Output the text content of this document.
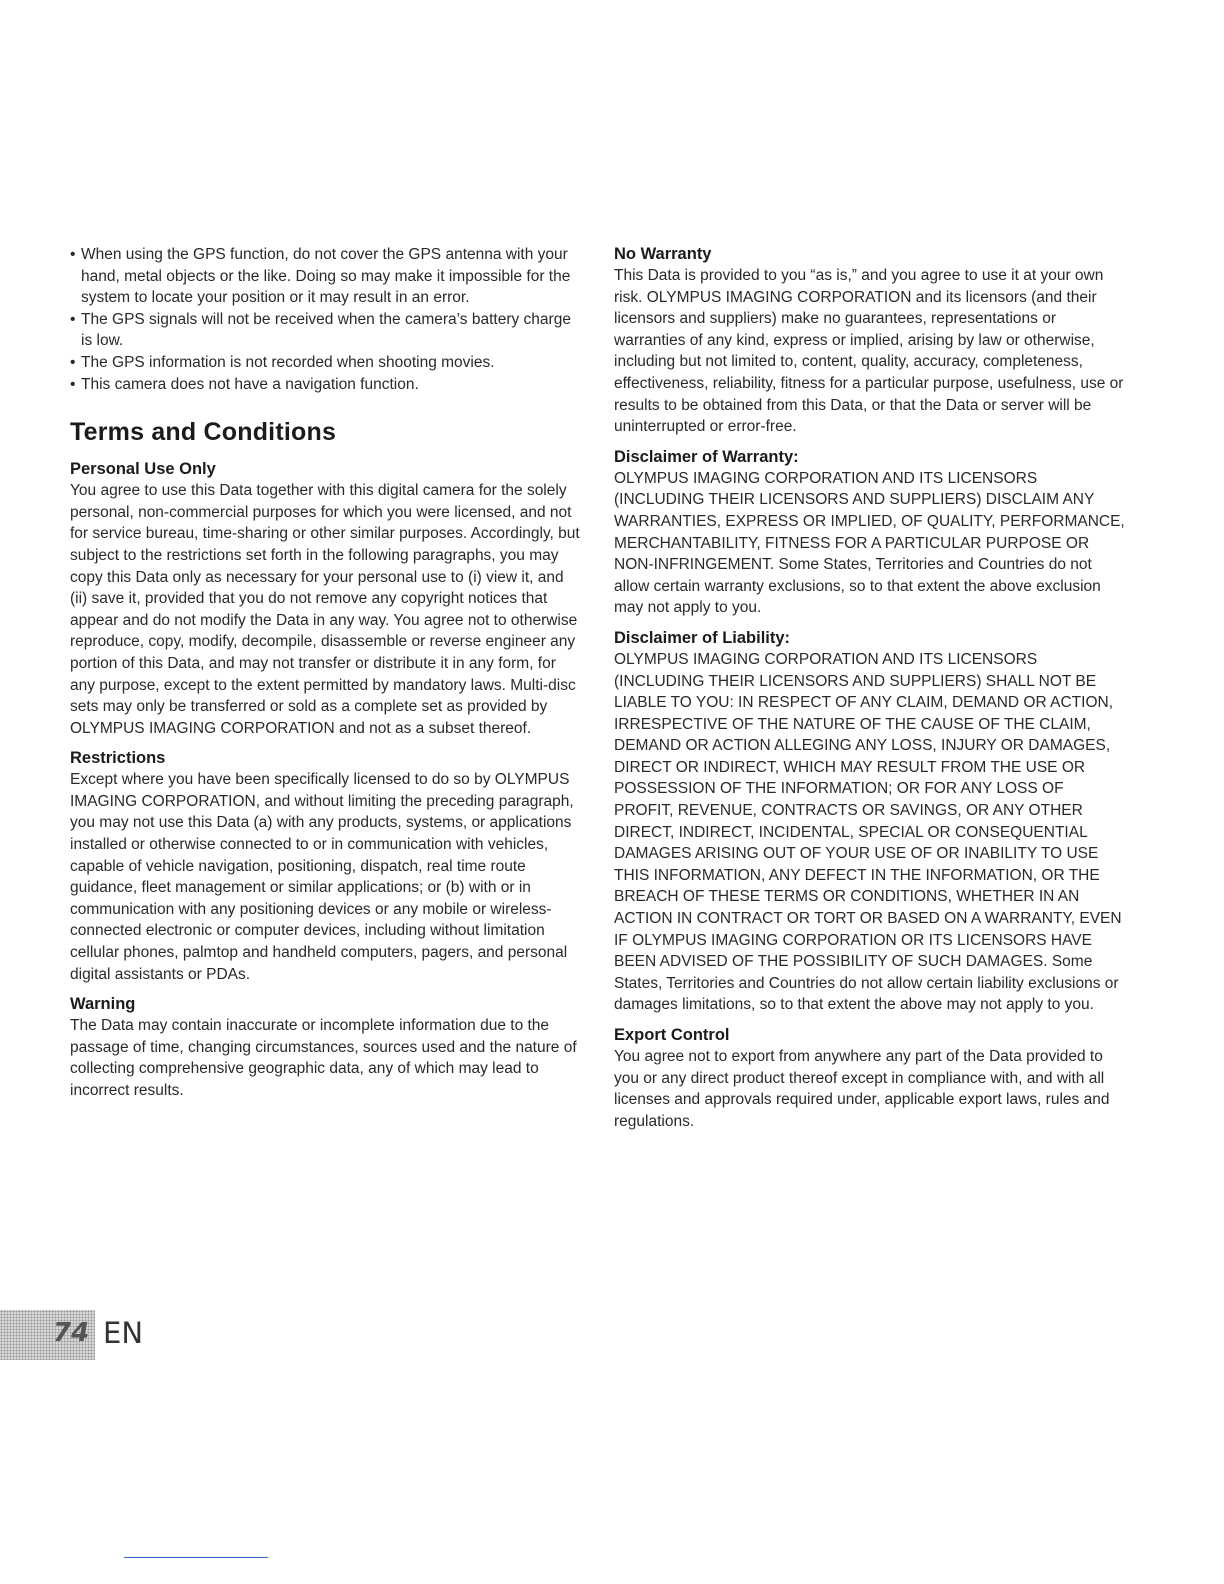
• When using the GPS function, do not cover the GPS antenna with your hand, metal objects or the like. Doing so may make it impossible for the system to locate your position or it may result in an error.
• The GPS signals will not be received when the camera’s battery charge is low.
• The GPS information is not recorded when shooting movies.
• This camera does not have a navigation function.
Terms and Conditions
Personal Use Only

You agree to use this Data together with this digital camera for the solely personal, non-commercial purposes for which you were licensed, and not for service bureau, time-sharing or other similar purposes. Accordingly, but subject to the restrictions set forth in the following paragraphs, you may copy this Data only as necessary for your personal use to (i) view it, and (ii) save it, provided that you do not remove any copyright notices that appear and do not modify the Data in any way. You agree not to otherwise reproduce, copy, modify, decompile, disassemble or reverse engineer any portion of this Data, and may not transfer or distribute it in any form, for any purpose, except to the extent permitted by mandatory laws. Multi-disc sets may only be transferred or sold as a complete set as provided by OLYMPUS IMAGING CORPORATION and not as a subset thereof.

Restrictions

Except where you have been specifically licensed to do so by OLYMPUS IMAGING CORPORATION, and without limiting the preceding paragraph, you may not use this Data (a) with any products, systems, or applications installed or otherwise connected to or in communication with vehicles, capable of vehicle navigation, positioning, dispatch, real time route guidance, fleet management or similar applications; or (b) with or in communication with any positioning devices or any mobile or wireless-connected electronic or computer devices, including without limitation cellular phones, palmtop and handheld computers, pagers, and personal digital assistants or PDAs.

Warning

The Data may contain inaccurate or incomplete information due to the passage of time, changing circumstances, sources used and the nature of collecting comprehensive geographic data, any of which may lead to incorrect results.

No Warranty

This Data is provided to you “as is,” and you agree to use it at your own risk. OLYMPUS IMAGING CORPORATION and its licensors (and their licensors and suppliers) make no guarantees, representations or warranties of any kind, express or implied, arising by law or otherwise, including but not limited to, content, quality, accuracy, completeness, effectiveness, reliability, fitness for a particular purpose, usefulness, use or results to be obtained from this Data, or that the Data or server will be uninterrupted or error-free.

Disclaimer of Warranty:

OLYMPUS IMAGING CORPORATION AND ITS LICENSORS (INCLUDING THEIR LICENSORS AND SUPPLIERS) DISCLAIM ANY WARRANTIES, EXPRESS OR IMPLIED, OF QUALITY, PERFORMANCE, MERCHANTABILITY, FITNESS FOR A PARTICULAR PURPOSE OR NON-INFRINGEMENT. Some States, Territories and Countries do not allow certain warranty exclusions, so to that extent the above exclusion may not apply to you.

Disclaimer of Liability:

OLYMPUS IMAGING CORPORATION AND ITS LICENSORS (INCLUDING THEIR LICENSORS AND SUPPLIERS) SHALL NOT BE LIABLE TO YOU: IN RESPECT OF ANY CLAIM, DEMAND OR ACTION, IRRESPECTIVE OF THE NATURE OF THE CAUSE OF THE CLAIM, DEMAND OR ACTION ALLEGING ANY LOSS, INJURY OR DAMAGES, DIRECT OR INDIRECT, WHICH MAY RESULT FROM THE USE OR POSSESSION OF THE INFORMATION; OR FOR ANY LOSS OF PROFIT, REVENUE, CONTRACTS OR SAVINGS, OR ANY OTHER DIRECT, INDIRECT, INCIDENTAL, SPECIAL OR CONSEQUENTIAL DAMAGES ARISING OUT OF YOUR USE OF OR INABILITY TO USE THIS INFORMATION, ANY DEFECT IN THE INFORMATION, OR THE BREACH OF THESE TERMS OR CONDITIONS, WHETHER IN AN ACTION IN CONTRACT OR TORT OR BASED ON A WARRANTY, EVEN IF OLYMPUS IMAGING CORPORATION OR ITS LICENSORS HAVE BEEN ADVISED OF THE POSSIBILITY OF SUCH DAMAGES. Some States, Territories and Countries do not allow certain liability exclusions or damages limitations, so to that extent the above may not apply to you.

Export Control

You agree not to export from anywhere any part of the Data provided to you or any direct product thereof except in compliance with, and with all licenses and approvals required under, applicable export laws, rules and regulations.

74 EN
